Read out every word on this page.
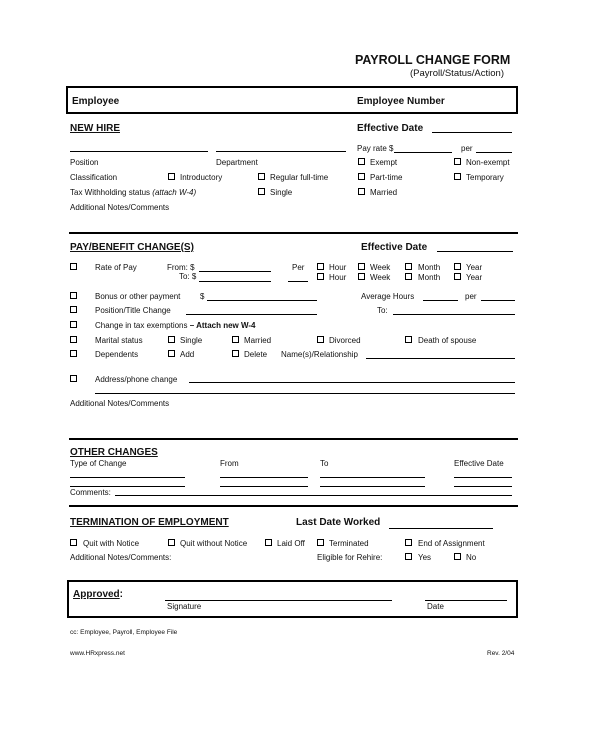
PAYROLL CHANGE FORM
(Payroll/Status/Action)
Employee	Employee Number
NEW HIRE	Effective Date
Position	Department
Pay rate $	per
Exempt	Non-exempt
Classification	Introductory	Regular full-time	Part-time	Temporary
Tax Withholding status (attach W-4)	Single	Married
Additional Notes/Comments
PAY/BENEFIT CHANGE(S)	Effective Date
Rate of Pay	From: $
To: $
Per	Hour	Week	Month	Year
Hour	Week	Month	Year
Bonus or other payment $	Average Hours	per
Position/Title Change	To:
Change in tax exemptions – Attach new W-4
Marital status	Single	Married	Divorced	Death of spouse
Dependents	Add	Delete Name(s)/Relationship
Address/phone change
Additional Notes/Comments
OTHER CHANGES
Type of Change	From	To	Effective Date
Comments:
TERMINATION OF EMPLOYMENT	Last Date Worked
Quit with Notice	Quit without Notice	Laid Off	Terminated	End of Assignment
Additional Notes/Comments:	Eligible for Rehire:	Yes	No
Approved:
Signature	Date
cc: Employee, Payroll, Employee File
www.HRxpress.net	Rev. 2/04
